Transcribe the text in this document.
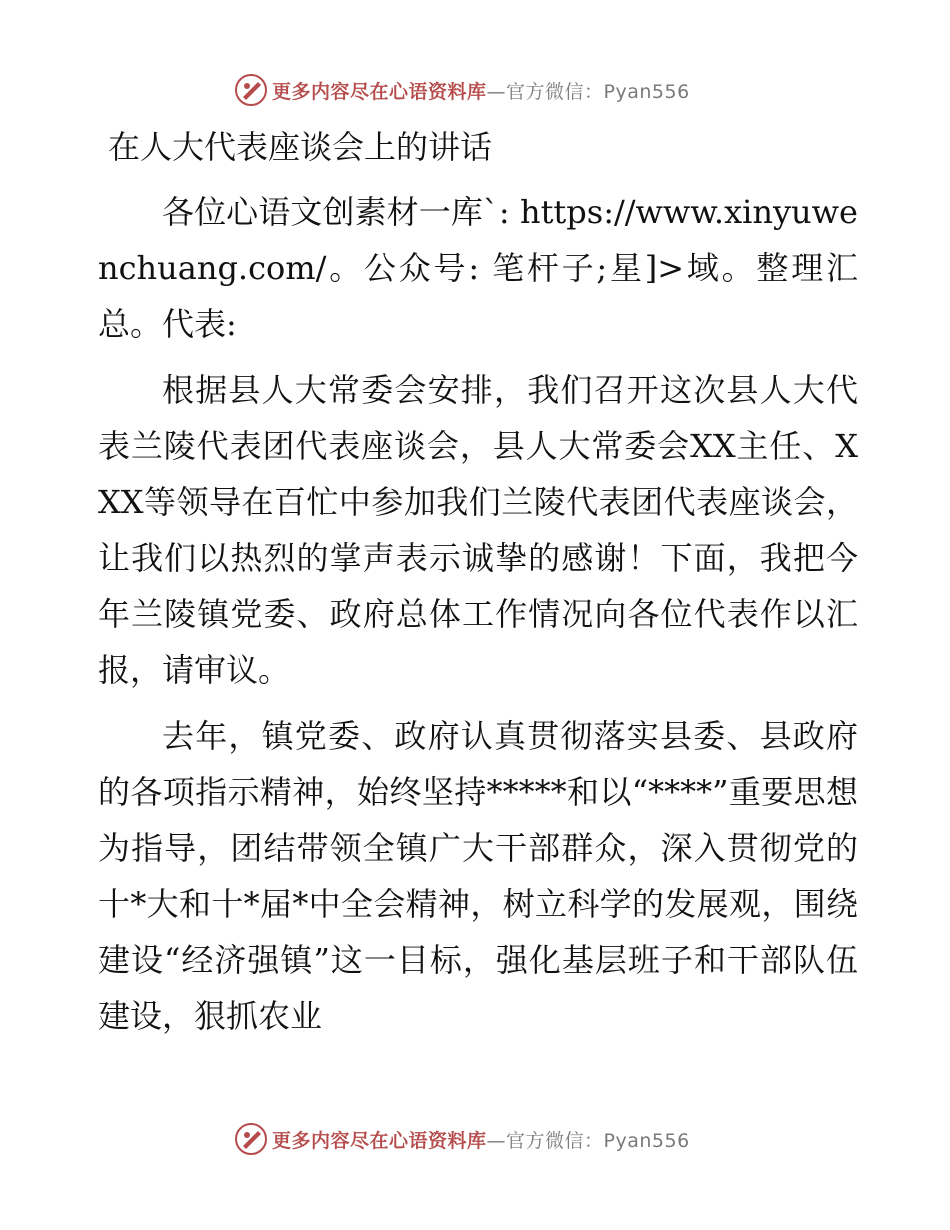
更多内容尽在心语资料库 —官方微信：Pyan556
在人大代表座谈会上的讲话

各位心语文创素材一库`: https://www.xinyuwenchuang.com/。公众号: 笔杆子;星]>域。整理汇总。代表:

根据县人大常委会安排，我们召开这次县人大代表兰陵代表团代表座谈会，县人大常委会XX主任、XXX等领导在百忙中参加我们兰陵代表团代表座谈会，让我们以热烈的掌声表示诚挚的感谢！下面，我把今年兰陵镇党委、政府总体工作情况向各位代表作以汇报，请审议。

去年，镇党委、政府认真贯彻落实县委、县政府的各项指示精神，始终坚持*****和以“****”重要思想为指导，团结带领全镇广大干部群众，深入贯彻党的十*大和十*届*中全会精神，树立科学的发展观，围绕建设“经济强镇”这一目标，强化基层班子和干部队伍建设，狠抓农业

更多内容尽在心语资料库 —官方微信：Pyan556
